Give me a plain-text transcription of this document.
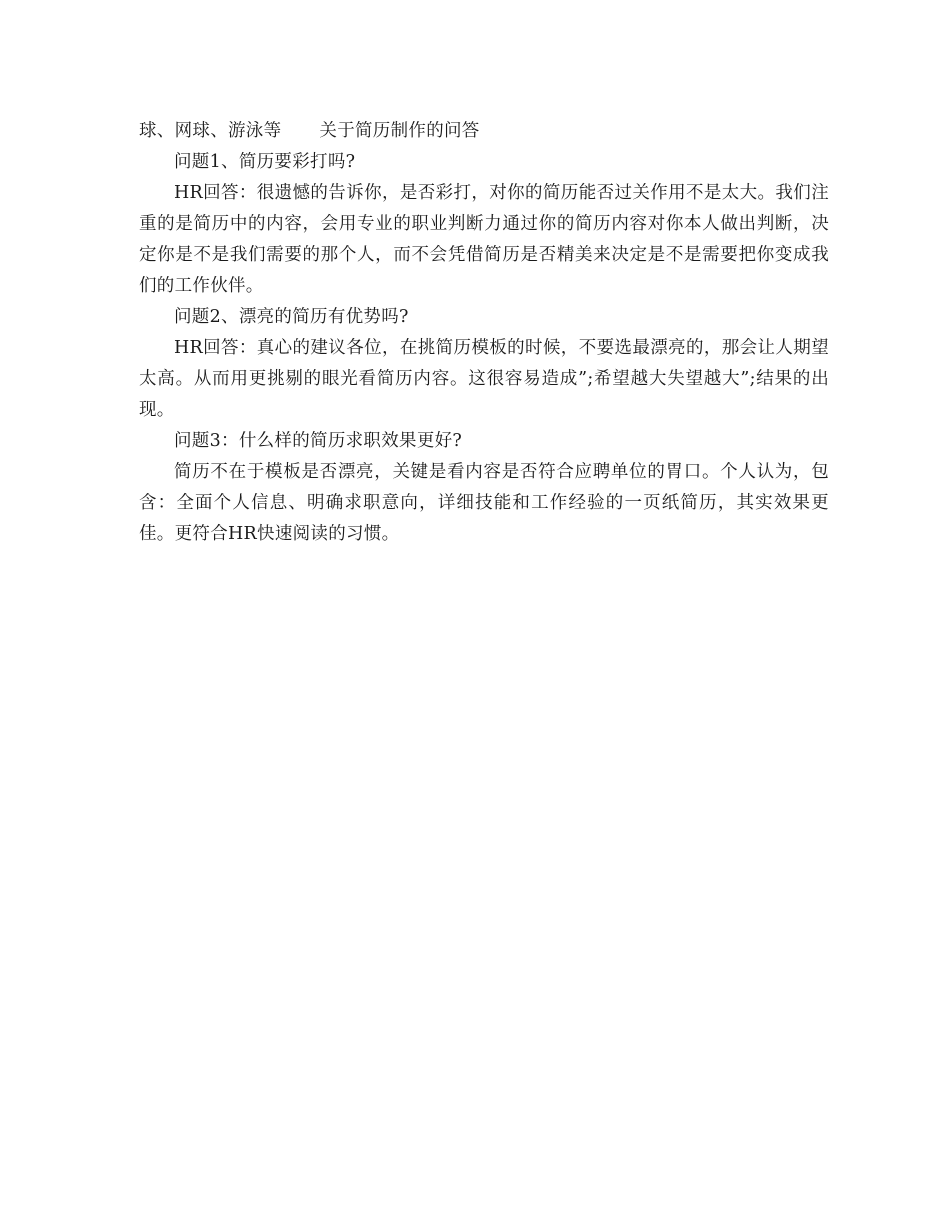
球、网球、游泳等 关于简历制作的问答

问题1、简历要彩打吗?

HR回答：很遗憾的告诉你，是否彩打，对你的简历能否过关作用不是太大。我们注重的是简历中的内容，会用专业的职业判断力通过你的简历内容对你本人做出判断，决定你是不是我们需要的那个人，而不会凭借简历是否精美来决定是不是需要把你变成我们的工作伙伴。

问题2、漂亮的简历有优势吗?

HR回答：真心的建议各位，在挑简历模板的时候，不要选最漂亮的，那会让人期望太高。从而用更挑剔的眼光看简历内容。这很容易造成”;希望越大失望越大”;结果的出现。

问题3：什么样的简历求职效果更好?

简历不在于模板是否漂亮，关键是看内容是否符合应聘单位的胃口。个人认为，包含：全面个人信息、明确求职意向，详细技能和工作经验的一页纸简历，其实效果更佳。更符合HR快速阅读的习惯。
